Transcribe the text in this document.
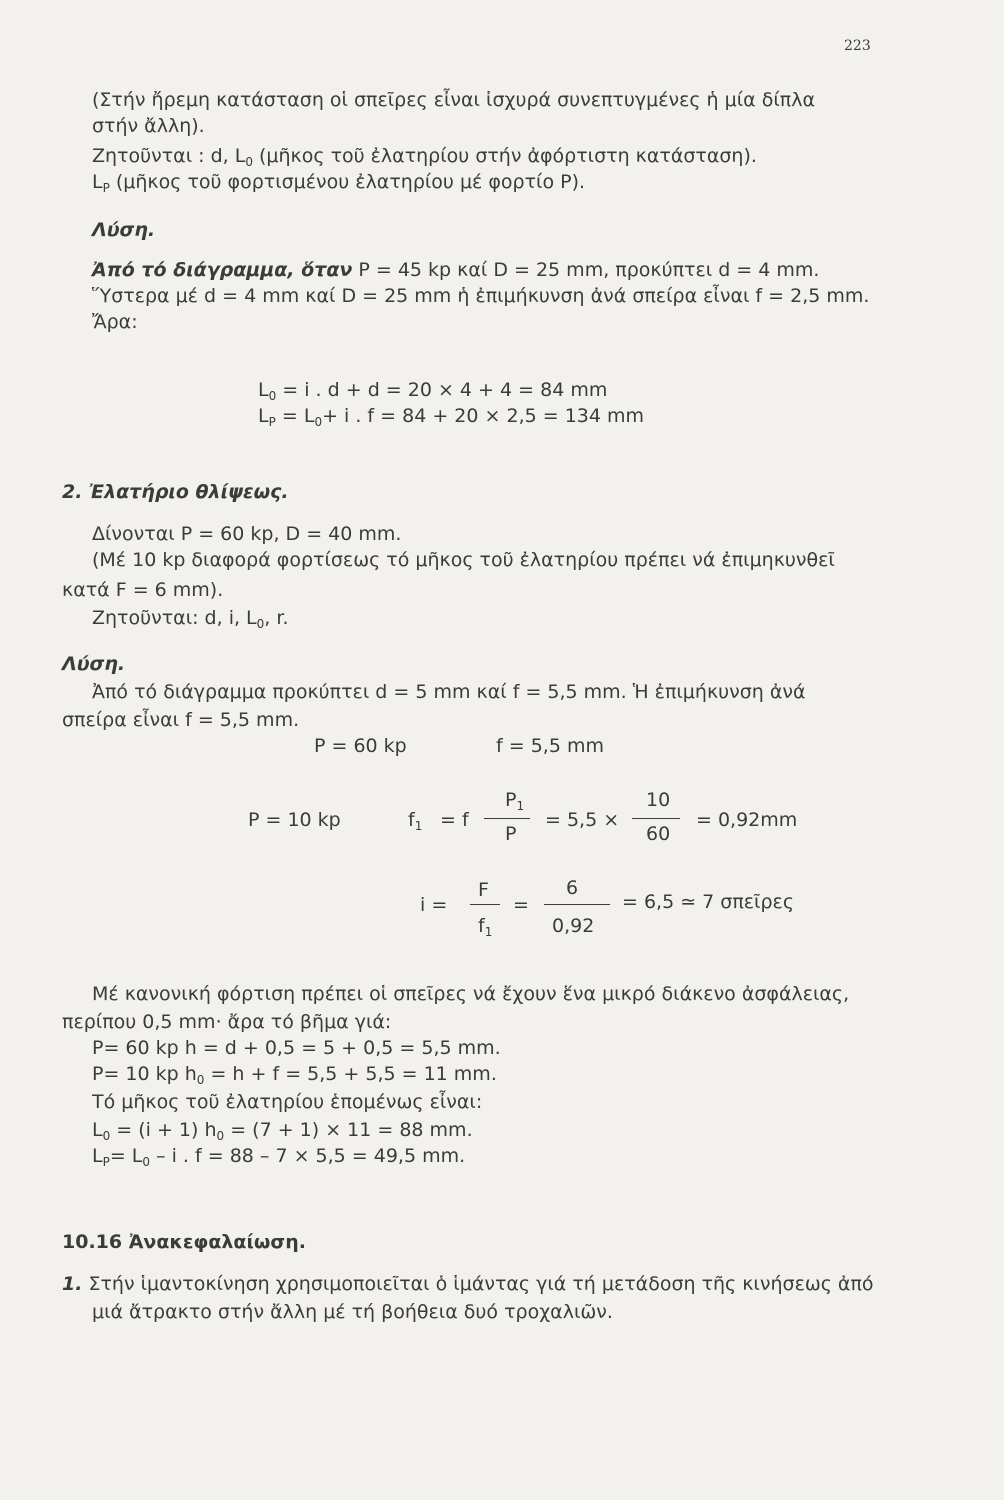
223
(Στήν ἤρεμη κατάσταση οἱ σπεῖρες εἶναι ἰσχυρά συνεπτυγμένες ἡ μία δίπλα
στήν ἄλλη).
Ζητοῦνται : d, $L_0$ (μῆκος τοῦ ἐλατηρίου στήν ἀφόρτιστη κατάσταση).
$L_P$ (μῆκος τοῦ φορτισμένου ἐλατηρίου μέ φορτίο P).
Λύση.
Ἀπό τό διάγραμμα, ὅταν P = 45 kp καί D = 25 mm, προκύπτει d = 4 mm.
Ὕστερα μέ d = 4 mm καί D = 25 mm ἡ ἐπιμήκυνση ἀνά σπείρα εἶναι f = 2,5 mm.
Ἄρα:
$L_0 = i$ . d + d = 20 × 4 + 4 = 84 mm
$L_P = L_0+ i$ . f = 84 + 20 × 2,5 = 134 mm
2. Ἐλατήριο θλίψεως.
Δίνονται P = 60 kp, D = 40 mm.
(Μέ 10 kp διαφορά φορτίσεως τό μῆκος τοῦ ἐλατηρίου πρέπει νά ἐπιμηκυνθεῖ
κατά F = 6 mm).
Ζητοῦνται: d, i, $L_0$, r.
Λύση.
Ἀπό τό διάγραμμα προκύπτει d = 5 mm καί f = 5,5 mm. Ἡ ἐπιμήκυνση ἀνά
σπείρα εἶναι f = 5,5 mm.
P = 60 kp	f = 5,5 mm
P = 10 kp	$f_1 = f$
$P_1$
P
= 5,5 ×
10
60
= 0,92mm
i =
F
$f_1$
=
6
0,92
= 6,5 ≃ 7 σπεῖρες
Μέ κανονική φόρτιση πρέπει οἱ σπεῖρες νά ἔχουν ἕνα μικρό διάκενο ἀσφάλειας,
περίπου 0,5 mm· ἄρα τό βῆμα γιά:
P= 60 kp h = d + 0,5 = 5 + 0,5 = 5,5 mm.
P= 10 kp $h_0 = h + f = 5,5 + 5,5 = 11$ mm.
Τό μῆκος τοῦ ἐλατηρίου ἑπομένως εἶναι:
$L_0 = (i + 1) h_0 = (7 + 1) \times 11 = 88$ mm.
$L_P= L_0 - i$ . f = 88 – 7 × 5,5 = 49,5 mm.
10.16 Ἀνακεφαλαίωση.
1. Στήν ἱμαντοκίνηση χρησιμοποιεῖται ὁ ἱμάντας γιά τή μετάδοση τῆς κινήσεως ἀπό
μιά ἄτρακτο στήν ἄλλη μέ τή βοήθεια δυό τροχαλιῶν.
